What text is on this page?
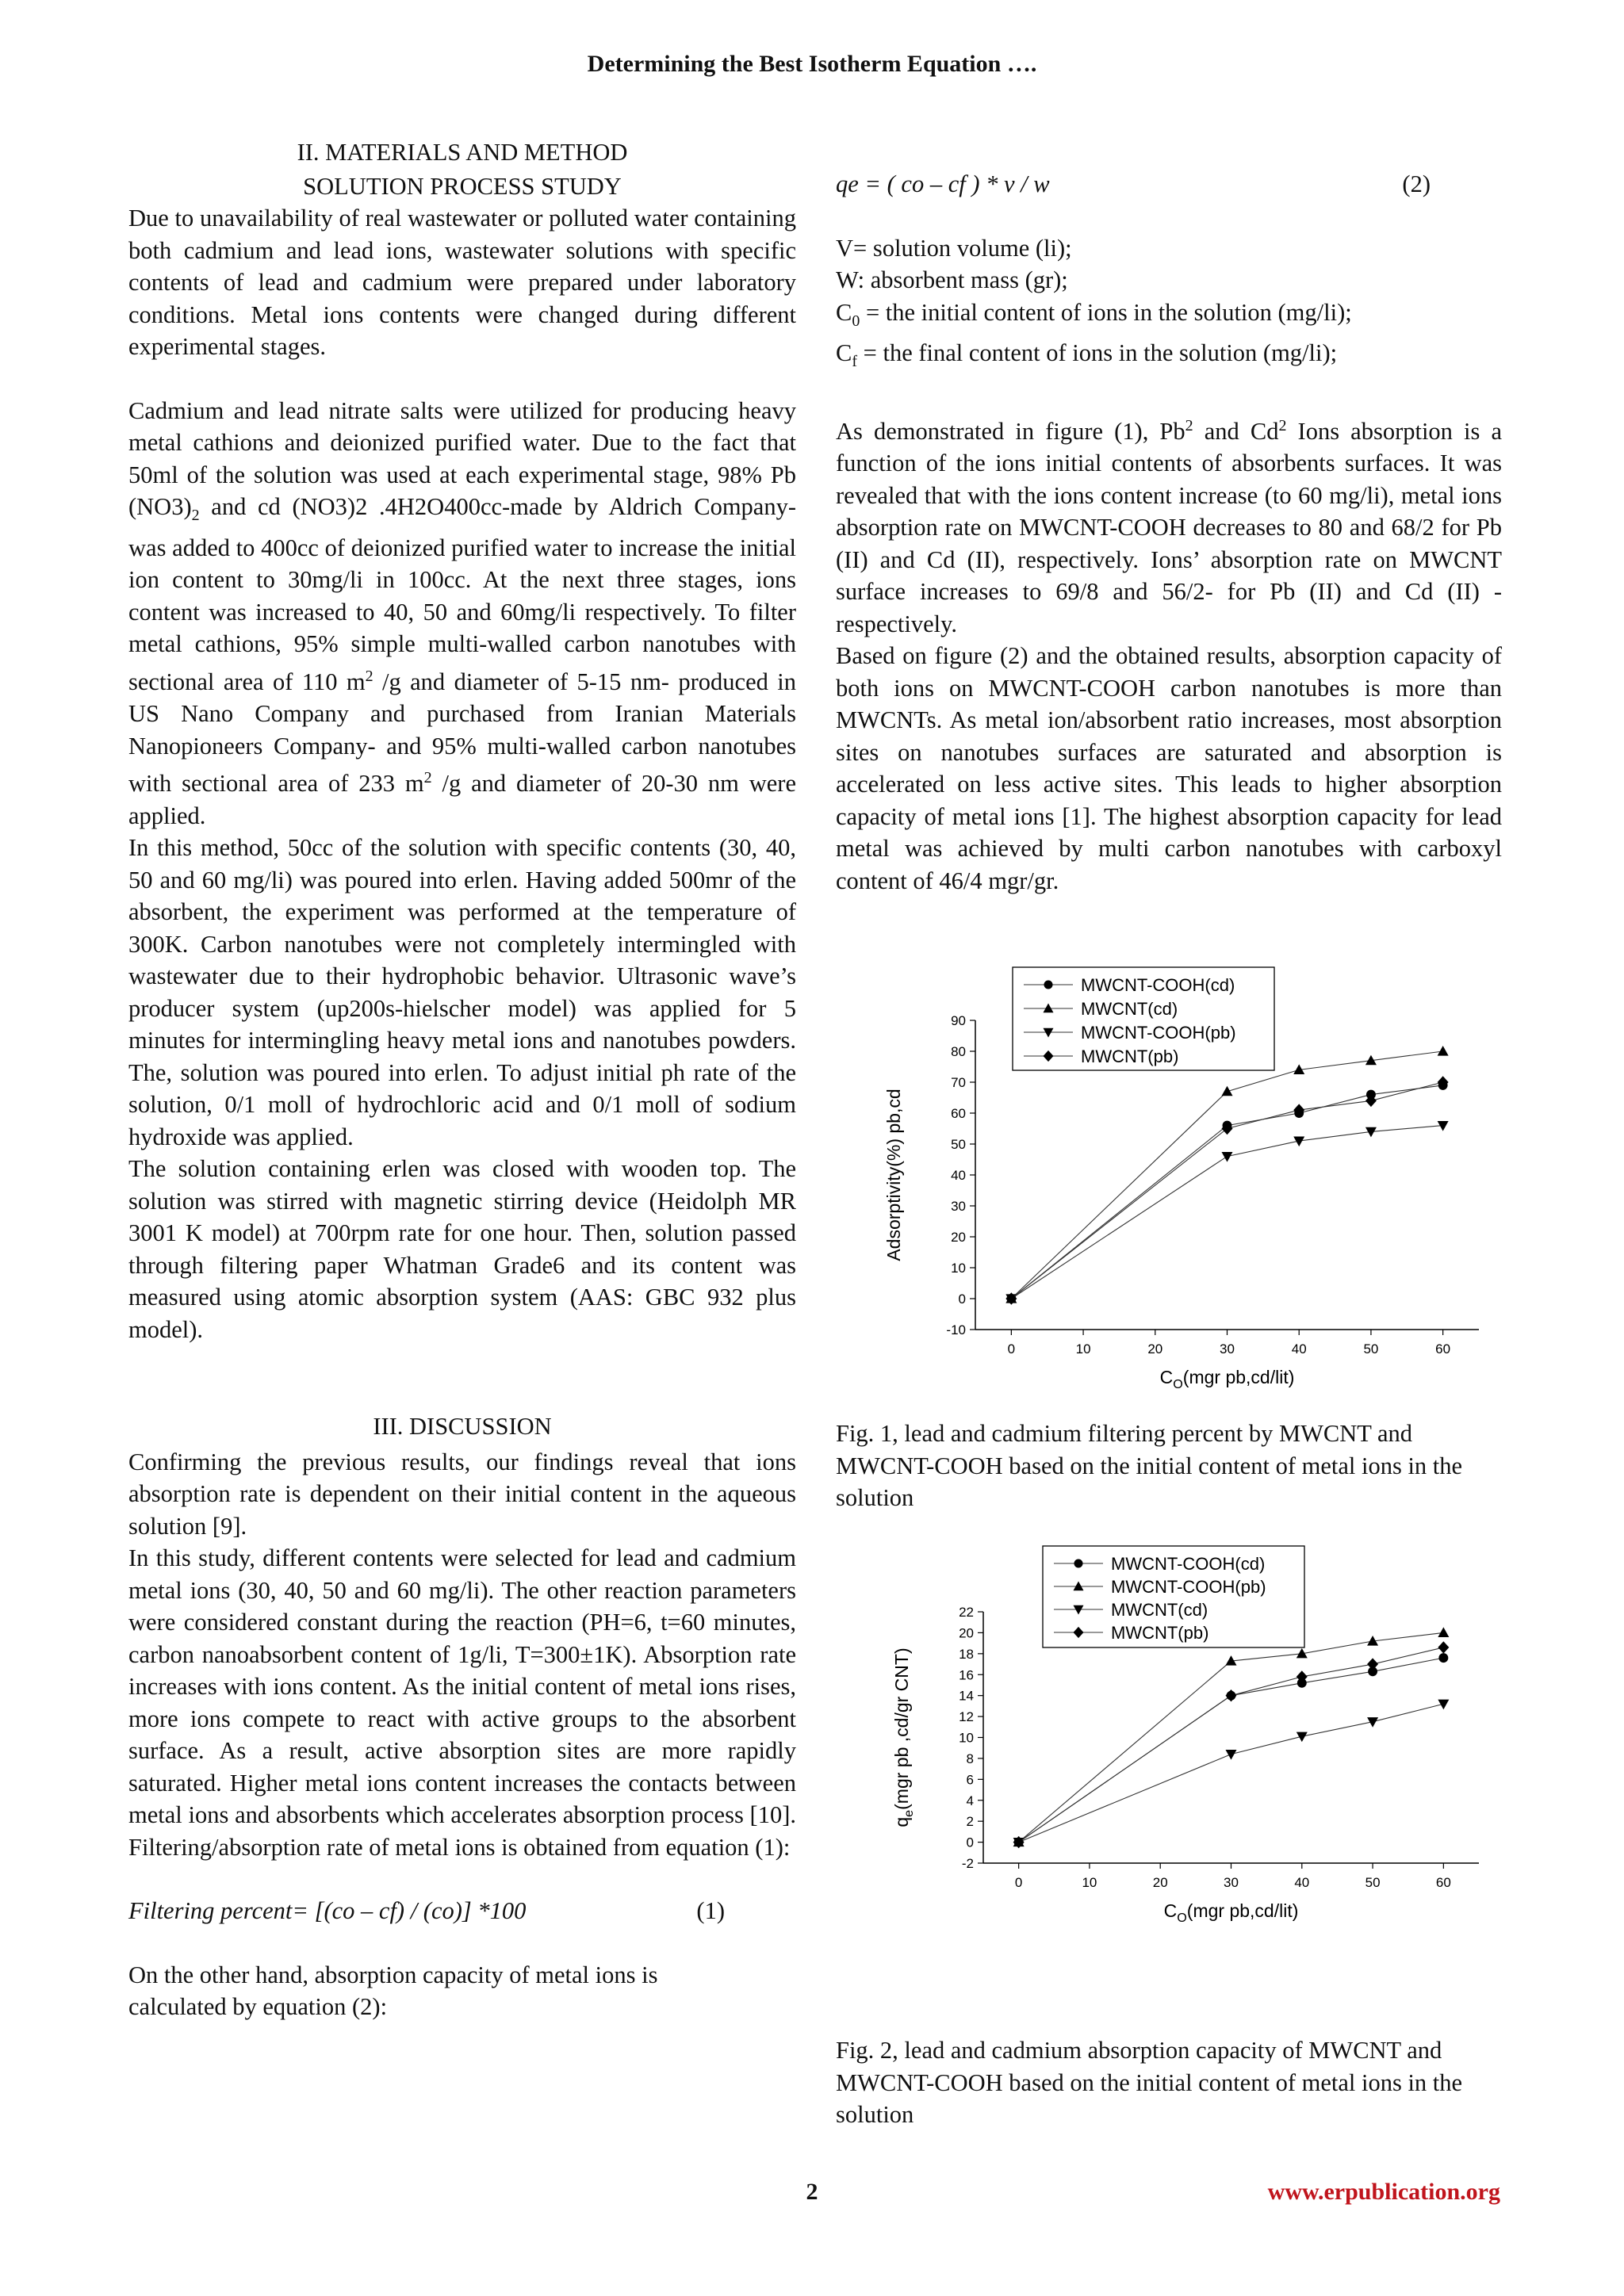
Determining the Best Isotherm Equation ….
II. MATERIALS AND METHOD
SOLUTION PROCESS STUDY

Due to unavailability of real wastewater or polluted water containing both cadmium and lead ions, wastewater solutions with specific contents of lead and cadmium were prepared under laboratory conditions. Metal ions contents were changed during different experimental stages.

Cadmium and lead nitrate salts were utilized for producing heavy metal cathions and deionized purified water. Due to the fact that 50ml of the solution was used at each experimental stage, 98% Pb $(NO3)_2$ and cd (NO3)2 .4H2O400cc-made by Aldrich Company- was added to 400cc of deionized purified water to increase the initial ion content to 30mg/li in 100cc. At the next three stages, ions content was increased to 40, 50 and 60mg/li respectively. To filter metal cathions, 95% simple multi-walled carbon nanotubes with sectional area of 110 $m^2$ /g and diameter of 5-15 nm- produced in US Nano Company and purchased from Iranian Materials Nanopioneers Company- and 95% multi-walled carbon nanotubes with sectional area of 233 $m^2$ /g and diameter of 20-30 nm were applied.

In this method, 50cc of the solution with specific contents (30, 40, 50 and 60 mg/li) was poured into erlen. Having added 500mr of the absorbent, the experiment was performed at the temperature of 300K. Carbon nanotubes were not completely intermingled with wastewater due to their hydrophobic behavior. Ultrasonic wave’s producer system (up200s-hielscher model) was applied for 5 minutes for intermingling heavy metal ions and nanotubes powders. The, solution was poured into erlen. To adjust initial ph rate of the solution, 0/1 moll of hydrochloric acid and 0/1 moll of sodium hydroxide was applied.

The solution containing erlen was closed with wooden top. The solution was stirred with magnetic stirring device (Heidolph MR 3001 K model) at 700rpm rate for one hour. Then, solution passed through filtering paper Whatman Grade6 and its content was measured using atomic absorption system (AAS: GBC 932 plus model).

III. DISCUSSION

Confirming the previous results, our findings reveal that ions absorption rate is dependent on their initial content in the aqueous solution [9].

In this study, different contents were selected for lead and cadmium metal ions (30, 40, 50 and 60 mg/li). The other reaction parameters were considered constant during the reaction (PH=6, t=60 minutes, carbon nanoabsorbent content of 1g/li, T=300±1K). Absorption rate increases with ions content. As the initial content of metal ions rises, more ions compete to react with active groups to the absorbent surface. As a result, active absorption sites are more rapidly saturated. Higher metal ions content increases the contacts between metal ions and absorbents which accelerates absorption process [10]. Filtering/absorption rate of metal ions is obtained from equation (1):

Filtering percent= [(co – cf) / (co)] *100	(1)

On the other hand, absorption capacity of metal ions is calculated by equation (2):

qe = ( co – cf ) * v / w	(2)
V= solution volume (li);
W: absorbent mass (gr);
$C_0$ = the initial content of ions in the solution (mg/li);
$C_f$ = the final content of ions in the solution (mg/li);

As demonstrated in figure (1), Pb$^2$ and Cd$^2$ Ions absorption is a function of the ions initial contents of absorbents surfaces. It was revealed that with the ions content increase (to 60 mg/li), metal ions absorption rate on MWCNT-COOH decreases to 80 and 68/2 for Pb (II) and Cd (II), respectively. Ions’ absorption rate on MWCNT surface increases to 69/8 and 56/2- for Pb (II) and Cd (II) - respectively.

Based on figure (2) and the obtained results, absorption capacity of both ions on MWCNT-COOH carbon nanotubes is more than MWCNTs. As metal ion/absorbent ratio increases, most absorption sites on nanotubes surfaces are saturated and absorption is accelerated on less active sites. This leads to higher absorption capacity of metal ions [1]. The highest absorption capacity for lead metal was achieved by multi carbon nanotubes with carboxyl content of 46/4 mgr/gr.

-10
0
10
20
30
40
50
60
70
80
90
0	10	20	30	40	50	60
MWCNT-COOH(cd)
MWCNT(cd)
MWCNT-COOH(pb)
MWCNT(pb)
$C_O(mgr$ pb,cd/lit)
Adsorptivity(%) pb,cd

Fig. 1, lead and cadmium filtering percent by MWCNT and MWCNT-COOH based on the initial content of metal ions in the solution

-2
0
2
4
6
8
10
12
14
16
18
20
22
0	10	20	30	40	50	60
MWCNT-COOH(cd)
MWCNT-COOH(pb)
MWCNT(cd)
MWCNT(pb)
$C_O(mgr$ pb,cd/lit)
$q_e(mgr$ pb ,cd/gr CNT)

Fig. 2, lead and cadmium absorption capacity of MWCNT and MWCNT-COOH based on the initial content of metal ions in the solution

2	www.erpublication.org
